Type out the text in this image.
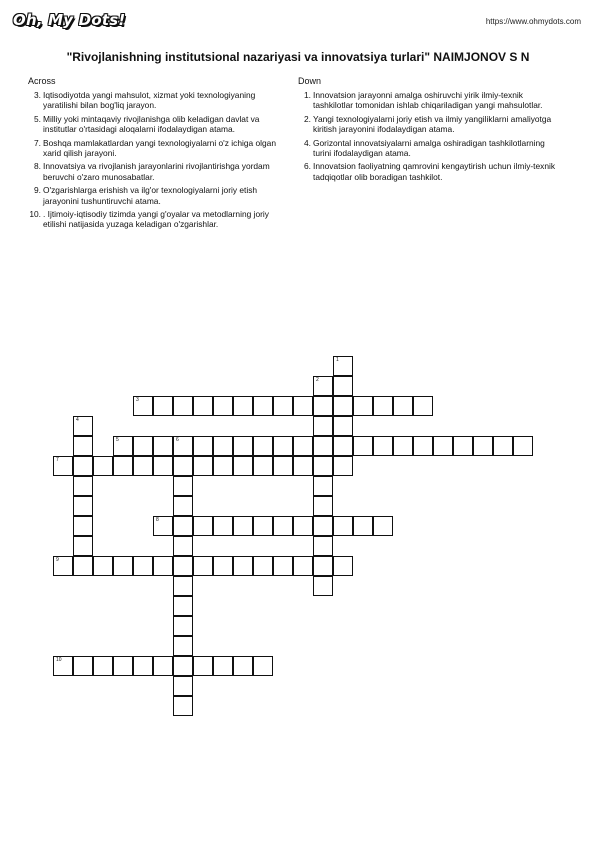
Oh, My Dots!	https://www.ohmydots.com
"Rivojlanishning institutsional nazariyasi va innovatsiya turlari" NAIMJONOV S N
Across	Down
3. Iqtisodiyotda yangi mahsulot, xizmat yoki texnologiyaning yaratilishi bilan bog'liq jarayon.
5. Milliy yoki mintaqaviy rivojlanishga olib keladigan davlat va institutlar o'rtasidagi aloqalarni ifodalaydigan atama.
7. Boshqa mamlakatlardan yangi texnologiyalarni o'z ichiga olgan xarid qilish jarayoni.
8. Innovatsiya va rivojlanish jarayonlarini rivojlantirishga yordam beruvchi o'zaro munosabatlar.
9. O'zgarishlarga erishish va ilg'or texnologiyalarni joriy etish jarayonini tushuntiruvchi atama.
10. . Ijtimoiy-iqtisodiy tizimda yangi g'oyalar va metodlarning joriy etilishi natijasida yuzaga keladigan o'zgarishlar.
1. Innovatsion jarayonni amalga oshiruvchi yirik ilmiy-texnik tashkilotlar tomonidan ishlab chiqariladigan yangi mahsulotlar.
2. Yangi texnologiyalarni joriy etish va ilmiy yangiliklarni amaliyotga kiritish jarayonini ifodalaydigan atama.
4. Gorizontal innovatsiyalarni amalga oshiradigan tashkilotlarning turini ifodalaydigan atama.
6. Innovatsion faoliyatning qamrovini kengaytirish uchun ilmiy-texnik tadqiqotlar olib boradigan tashkilot.
3
5	6
7
8
9
10
1
2
4
